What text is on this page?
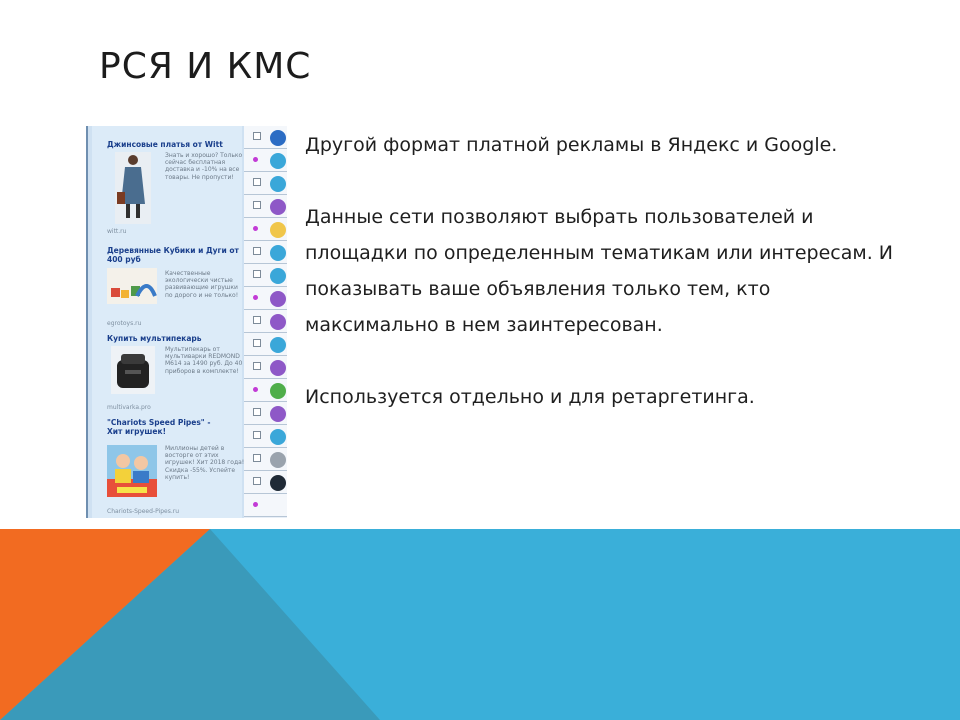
РСЯ И КМС
Джинсовые платья от Witt
Знать и хорошо? Только сейчас бесплатная доставка и -10% на все товары. Не пропусти!
witt.ru
Деревянные Кубики и Дуги от 400 руб
Качественные экологически чистые развивающие игрушки по дорого и не только!
egrotoys.ru
Купить мультипекарь
Мультипекарь от мультиварки REDMOND M614 за 1490 руб. До 40 приборов в комплекте!
multivarka.pro
"Chariots Speed Pipes" - Хит игрушек!
Миллионы детей в восторге от этих игрушек! Хит 2018 года! Скидка -55%. Успейте купить!
Chariots-Speed-Pipes.ru

Другой формат платной рекламы в Яндекс и Google.

Данные сети позволяют выбрать пользователей и площадки по определенным тематикам или интересам. И показывать ваше объявления только тем, кто максимально в нем заинтересован.

Используется отдельно и для ретаргетинга.
